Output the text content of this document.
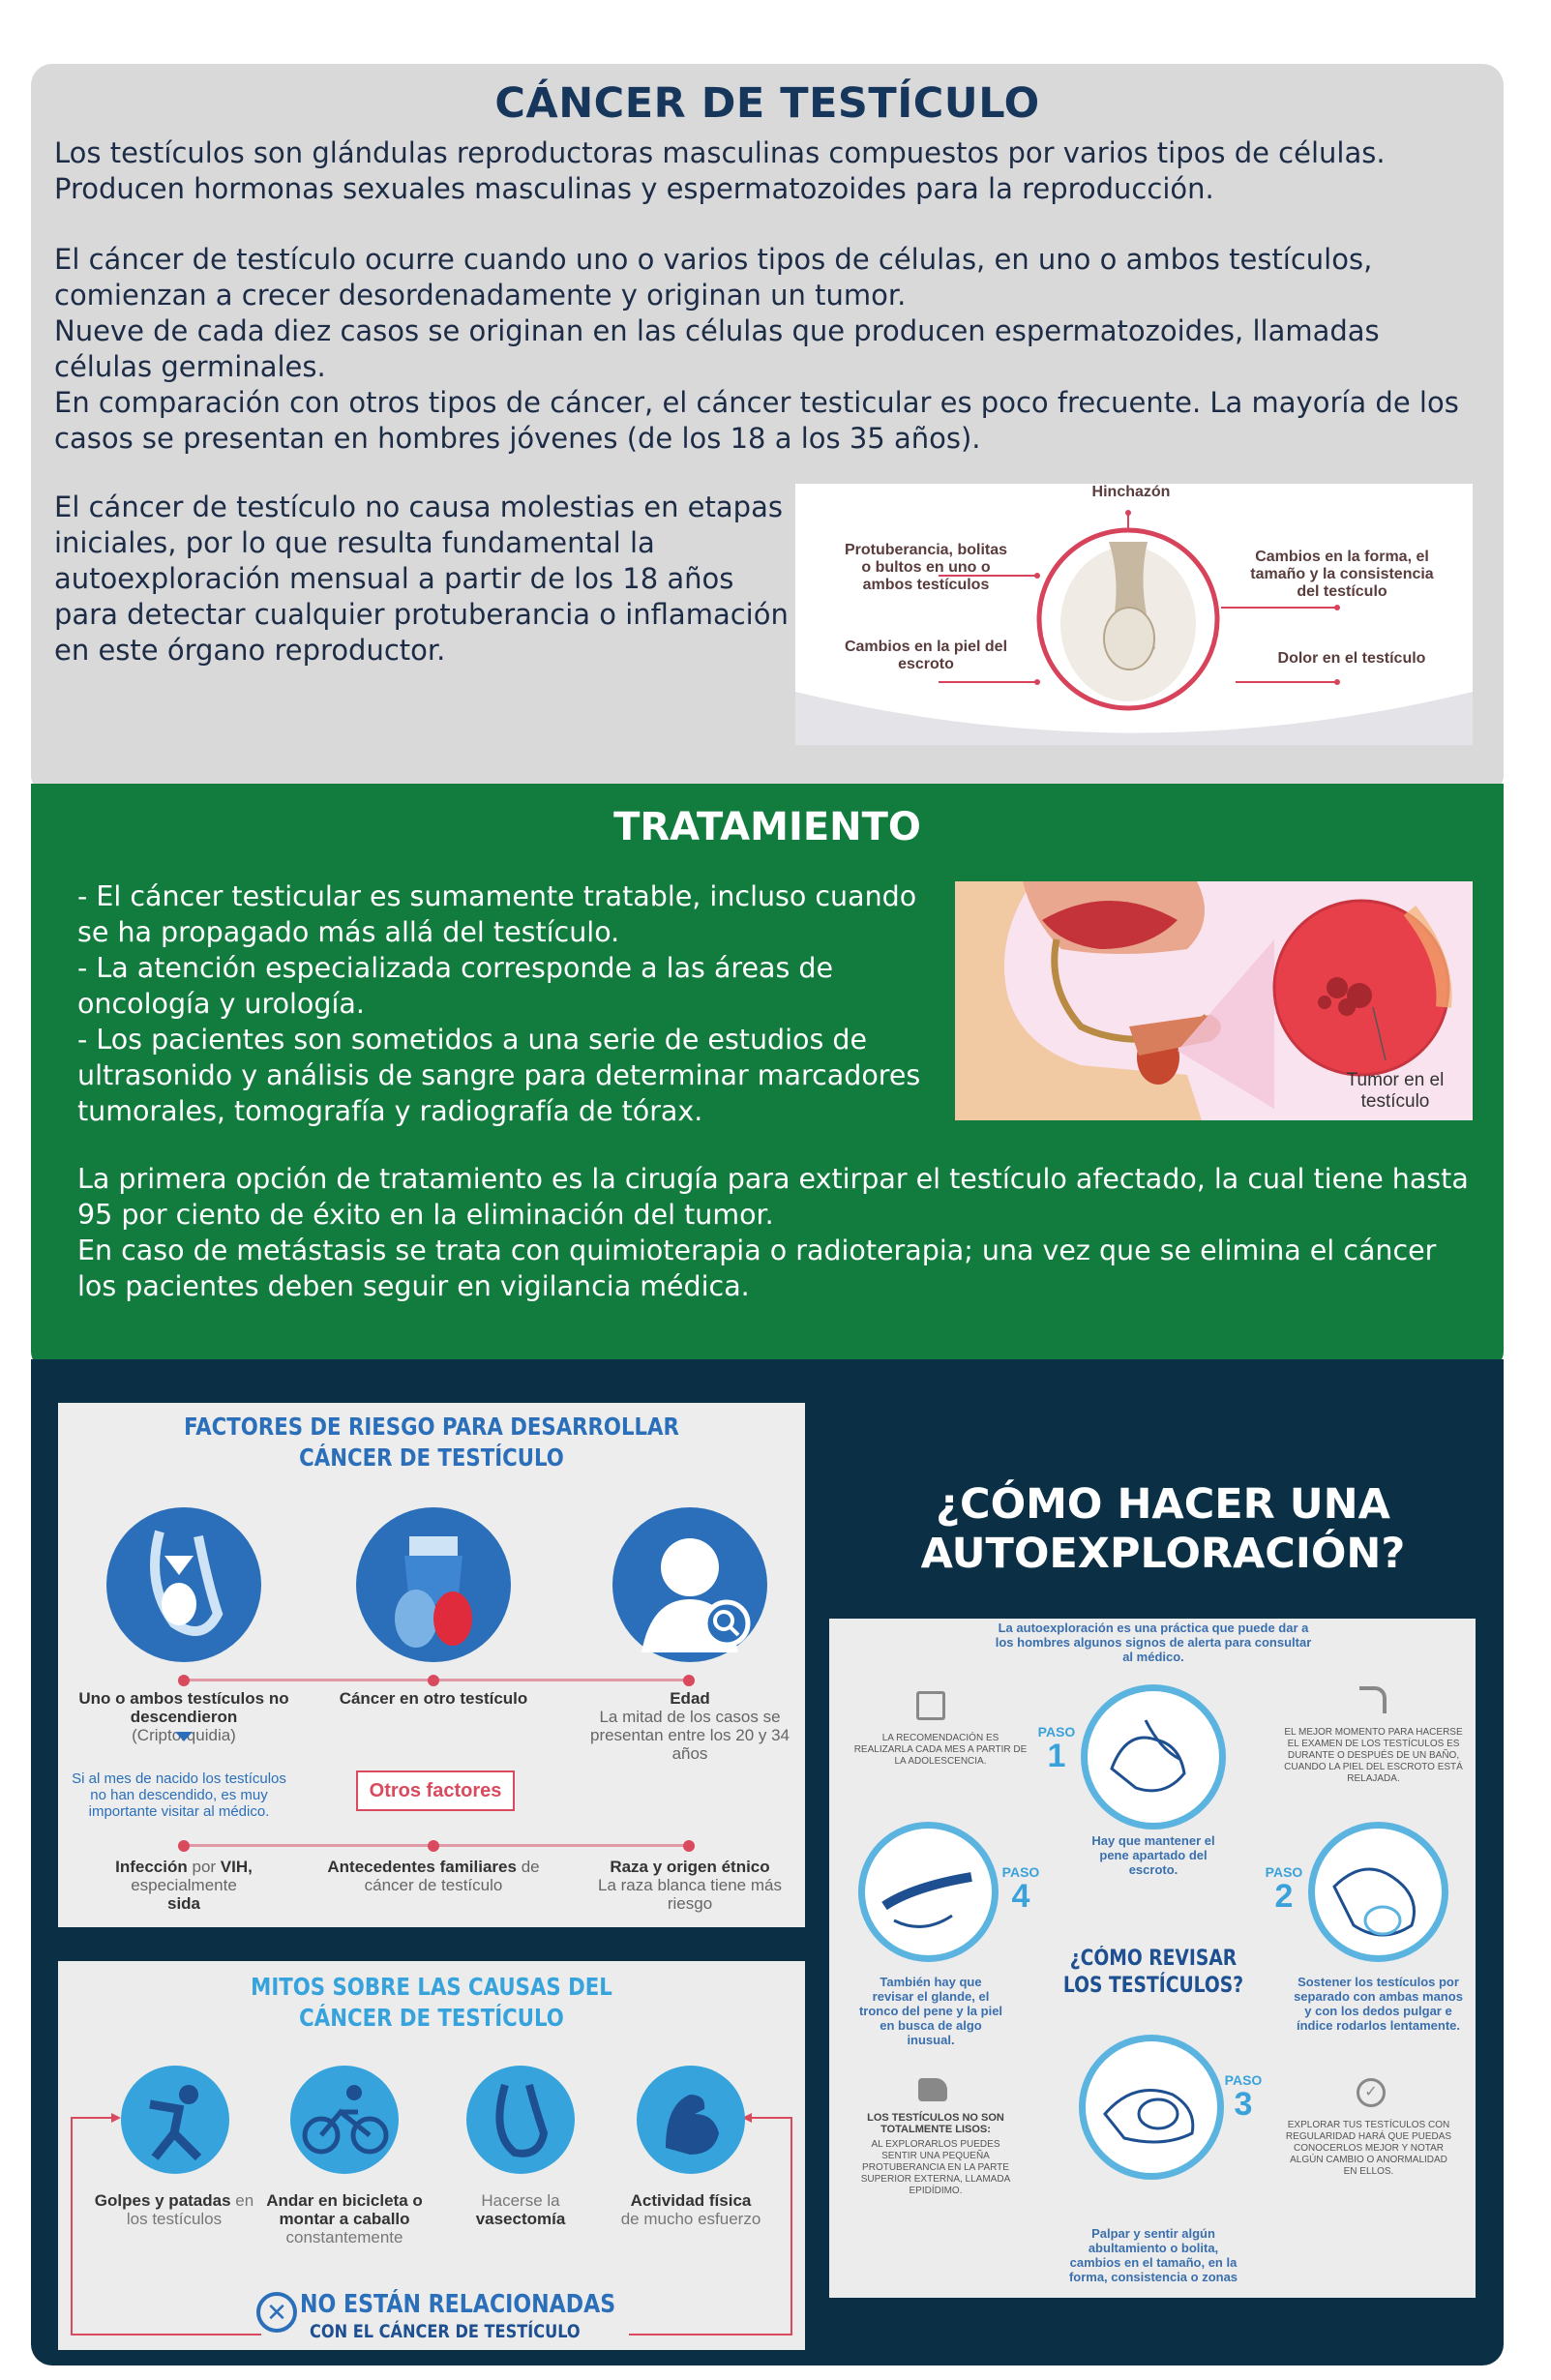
CÁNCER DE TESTÍCULO

Los testículos son glándulas reproductoras masculinas compuestos por varios tipos de células. Producen hormonas sexuales masculinas y espermatozoides para la reproducción.

El cáncer de testículo ocurre cuando uno o varios tipos de células, en uno o ambos testículos, comienzan a crecer desordenadamente y originan un tumor.
Nueve de cada diez casos se originan en las células que producen espermatozoides, llamadas células germinales.
En comparación con otros tipos de cáncer, el cáncer testicular es poco frecuente. La mayoría de los casos se presentan en hombres jóvenes (de los 18 a los 35 años).

El cáncer de testículo no causa molestias en etapas iniciales, por lo que resulta fundamental la autoexploración mensual a partir de los 18 años para detectar cualquier protuberancia o inflamación en este órgano reproductor.

Hinchazón
Protuberancia, bolitas o bultos en uno o ambos testículos
Cambios en la piel del escroto
Cambios en la forma, el tamaño y la consistencia del testículo
Dolor en el testículo
TRATAMIENTO
- El cáncer testicular es sumamente tratable, incluso cuando se ha propagado más allá del testículo.
- La atención especializada corresponde a las áreas de oncología y urología.
- Los pacientes son sometidos a una serie de estudios de ultrasonido y análisis de sangre para determinar marcadores tumorales, tomografía y radiografía de tórax.
Tumor en el testículo

La primera opción de tratamiento es la cirugía para extirpar el testículo afectado, la cual tiene hasta 95 por ciento de éxito en la eliminación del tumor.
En caso de metástasis se trata con quimioterapia o radioterapia; una vez que se elimina el cáncer los pacientes deben seguir en vigilancia médica.

FACTORES DE RIESGO PARA DESARROLLAR
CÁNCER DE TESTÍCULO
Uno o ambos testículos no descendieron
(Criptorquidia)
Si al mes de nacido los testículos no han descendido, es muy importante visitar al médico.
Cáncer en otro testículo	Edad
La mitad de los casos se presentan entre los 20 y 34 años
Otros factores
Infección por VIH,
especialmente
sida
Antecedentes familiares de cáncer de testículo
Raza y origen étnico
La raza blanca tiene más riesgo
MITOS SOBRE LAS CAUSAS DEL
CÁNCER DE TESTÍCULO
Golpes y patadas en los testículos
Andar en bicicleta o montar a caballo constantemente
Hacerse la
vasectomía
Actividad física
de mucho esfuerzo
✕ NO ESTÁN RELACIONADAS
CON EL CÁNCER DE TESTÍCULO
¿CÓMO HACER UNA AUTOEXPLORACIÓN?
La autoexploración es una práctica que puede dar a los hombres algunos signos de alerta para consultar al médico.
LA RECOMENDACIÓN ES REALIZARLA CADA MES A PARTIR DE LA ADOLESCENCIA.
EL MEJOR MOMENTO PARA HACERSE EL EXAMEN DE LOS TESTÍCULOS ES DURANTE O DESPUÉS DE UN BAÑO, CUANDO LA PIEL DEL ESCROTO ESTÁ RELAJADA.
PASO
1
Hay que mantener el pene apartado del escroto.
PASO
4
También hay que revisar el glande, el tronco del pene y la piel en busca de algo inusual.
PASO
2
Sostener los testículos por separado con ambas manos y con los dedos pulgar e índice rodarlos lentamente.
¿CÓMO REVISAR LOS TESTÍCULOS?
PASO
3
Palpar y sentir algún abultamiento o bolita, cambios en el tamaño, en la forma, consistencia o zonas
LOS TESTÍCULOS NO SON TOTALMENTE LISOS:
AL EXPLORARLOS PUEDES SENTIR UNA PEQUEÑA PROTUBERANCIA EN LA PARTE SUPERIOR EXTERNA, LLAMADA EPIDÍDIMO.
✓
EXPLORAR TUS TESTÍCULOS CON REGULARIDAD HARÁ QUE PUEDAS CONOCERLOS MEJOR Y NOTAR ALGÚN CAMBIO O ANORMALIDAD EN ELLOS.
